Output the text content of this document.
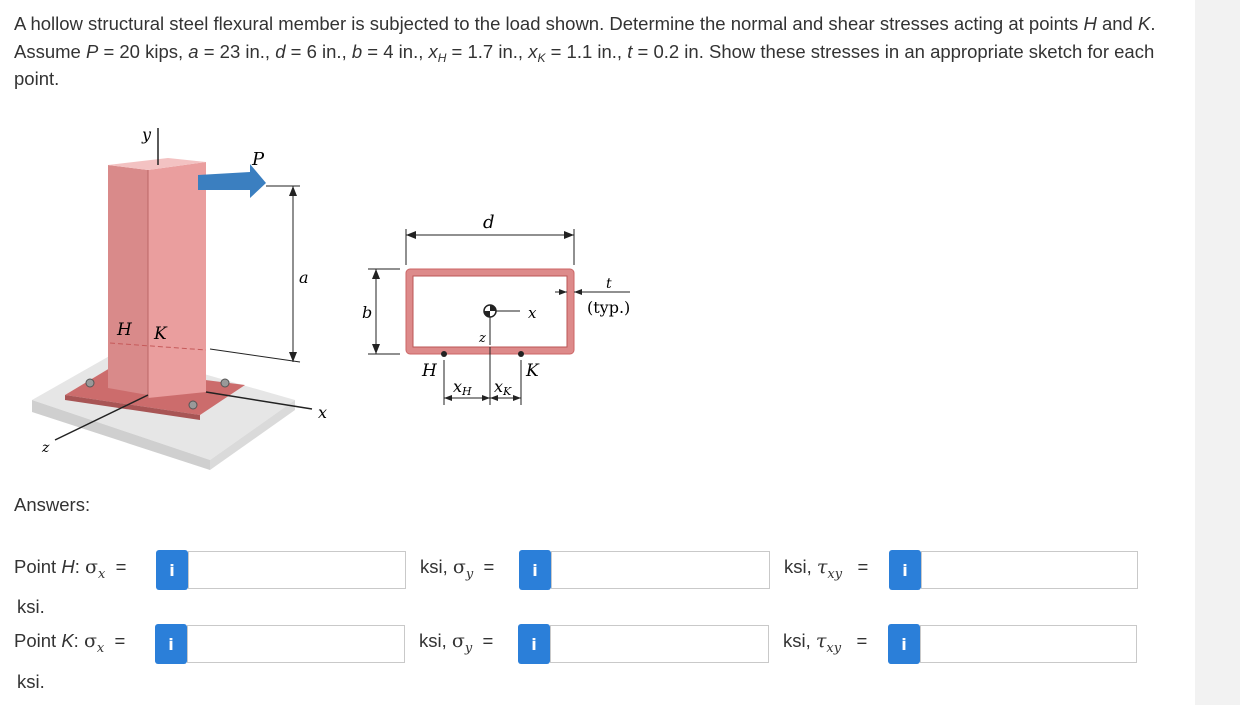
A hollow structural steel flexural member is subjected to the load shown. Determine the normal and shear stresses acting at points H and K. Assume P = 20 kips, a = 23 in., d = 6 in., b = 4 in., $x_H = 1.7$ in., $x_K = 1.1$ in., t = 0.2 in. Show these stresses in an appropriate sketch for each point.
y
z
x
H K
P
a
x
z
d
b
t
(typ.)
H	K
xH xK
Answers:
Point H: $\sigma_x$ =	i	ksi, $\sigma_y$ =	i	ksi, $\tau_{xy}$ =	i
ksi.
Point K: $\sigma_x$ =	i	ksi, $\sigma_y$ =	i	ksi, $\tau_{xy}$ =	i
ksi.
